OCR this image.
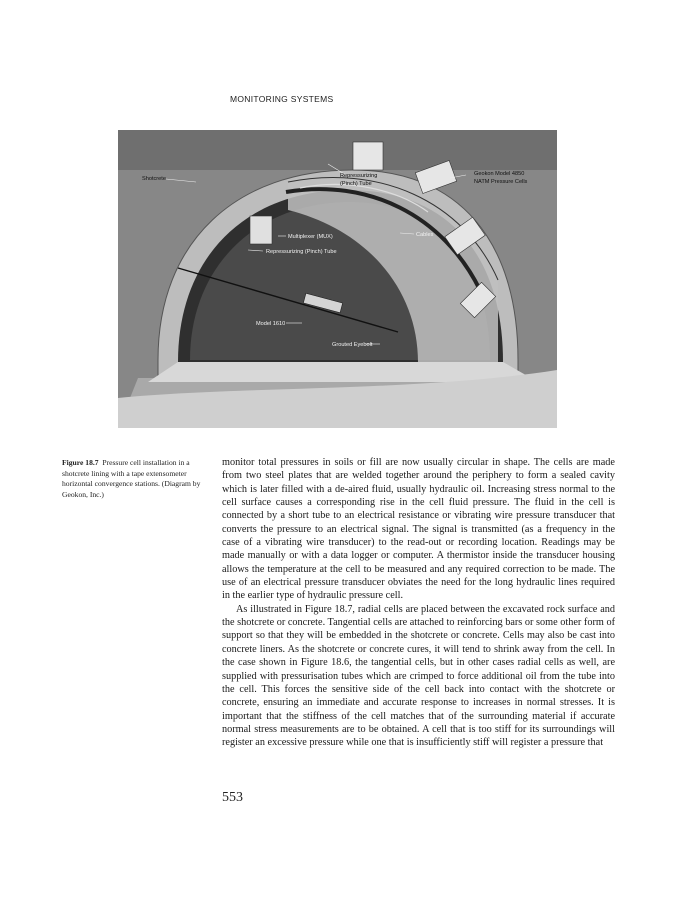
MONITORING SYSTEMS
Shotcrete	Repressurizing
(Pinch) Tube
Geokon Model 4850
NATM Pressure Cells
Multiplexer (MUX)
Repressurizing (Pinch) Tube
Cables
Model 1610
Grouted Eyebolt
Figure 18.7 Pressure cell installation in a shotcrete lining with a tape extensometer horizontal convergence stations. (Diagram by Geokon, Inc.)

monitor total pressures in soils or fill are now usually circular in shape. The cells are made from two steel plates that are welded together around the periphery to form a sealed cavity which is later filled with a de-aired fluid, usually hydraulic oil. Increasing stress normal to the cell surface causes a corresponding rise in the cell fluid pressure. The fluid in the cell is connected by a short tube to an electrical resistance or vibrating wire pressure transducer that converts the pressure to an electrical signal. The signal is transmitted (as a frequency in the case of a vibrating wire transducer) to the read-out or recording location. Readings may be made manually or with a data logger or computer. A thermistor inside the transducer housing allows the temperature at the cell to be measured and any required correction to be made. The use of an electrical pressure transducer obviates the need for the long hydraulic lines required in the earlier type of hydraulic pressure cell.

As illustrated in Figure 18.7, radial cells are placed between the excavated rock surface and the shotcrete or concrete. Tangential cells are attached to reinforcing bars or some other form of support so that they will be embedded in the shotcrete or concrete. Cells may also be cast into concrete liners. As the shotcrete or concrete cures, it will tend to shrink away from the cell. In the case shown in Figure 18.6, the tangential cells, but in other cases radial cells as well, are supplied with pressurisation tubes which are crimped to force additional oil from the tube into the cell. This forces the sensitive side of the cell back into contact with the shotcrete or concrete, ensuring an immediate and accurate response to increases in normal stresses. It is important that the stiffness of the cell matches that of the surrounding material if accurate normal stress measurements are to be obtained. A cell that is too stiff for its surroundings will register an excessive pressure while one that is insufficiently stiff will register a pressure that

553
